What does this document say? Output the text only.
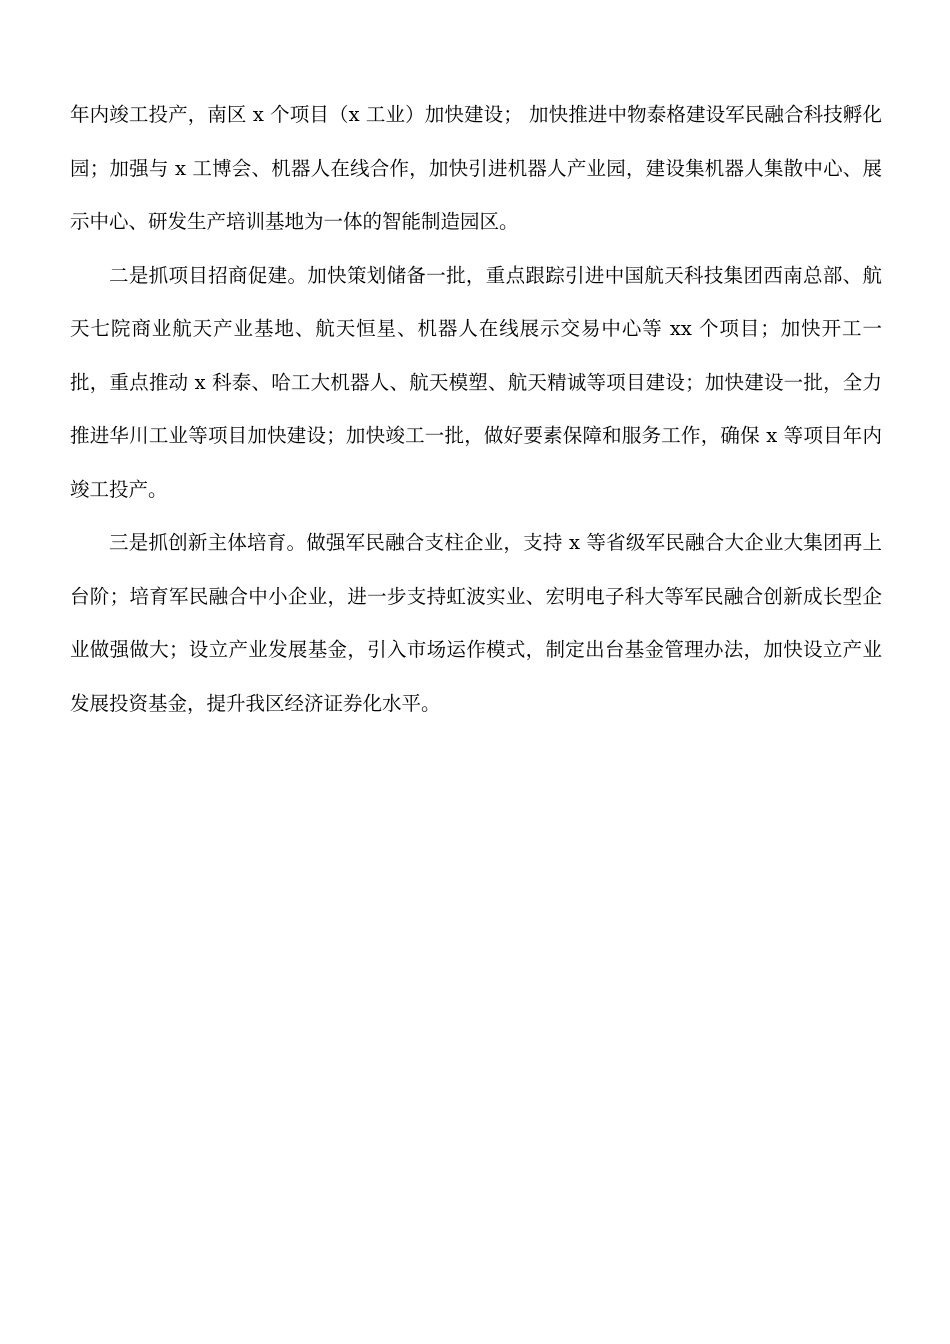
年内竣工投产，南区 x 个项目（x 工业）加快建设； 加快推进中物泰格建设军民融合科技孵化园；加强与 x 工博会、机器人在线合作，加快引进机器人产业园，建设集机器人集散中心、展示中心、研发生产培训基地为一体的智能制造园区。

二是抓项目招商促建。加快策划储备一批，重点跟踪引进中国航天科技集团西南总部、航天七院商业航天产业基地、航天恒星、机器人在线展示交易中心等 xx 个项目；加快开工一批，重点推动 x 科泰、哈工大机器人、航天模塑、航天精诚等项目建设；加快建设一批，全力推进华川工业等项目加快建设；加快竣工一批，做好要素保障和服务工作，确保 x 等项目年内竣工投产。

三是抓创新主体培育。做强军民融合支柱企业，支持 x 等省级军民融合大企业大集团再上台阶；培育军民融合中小企业，进一步支持虹波实业、宏明电子科大等军民融合创新成长型企业做强做大；设立产业发展基金，引入市场运作模式，制定出台基金管理办法，加快设立产业发展投资基金，提升我区经济证券化水平。
